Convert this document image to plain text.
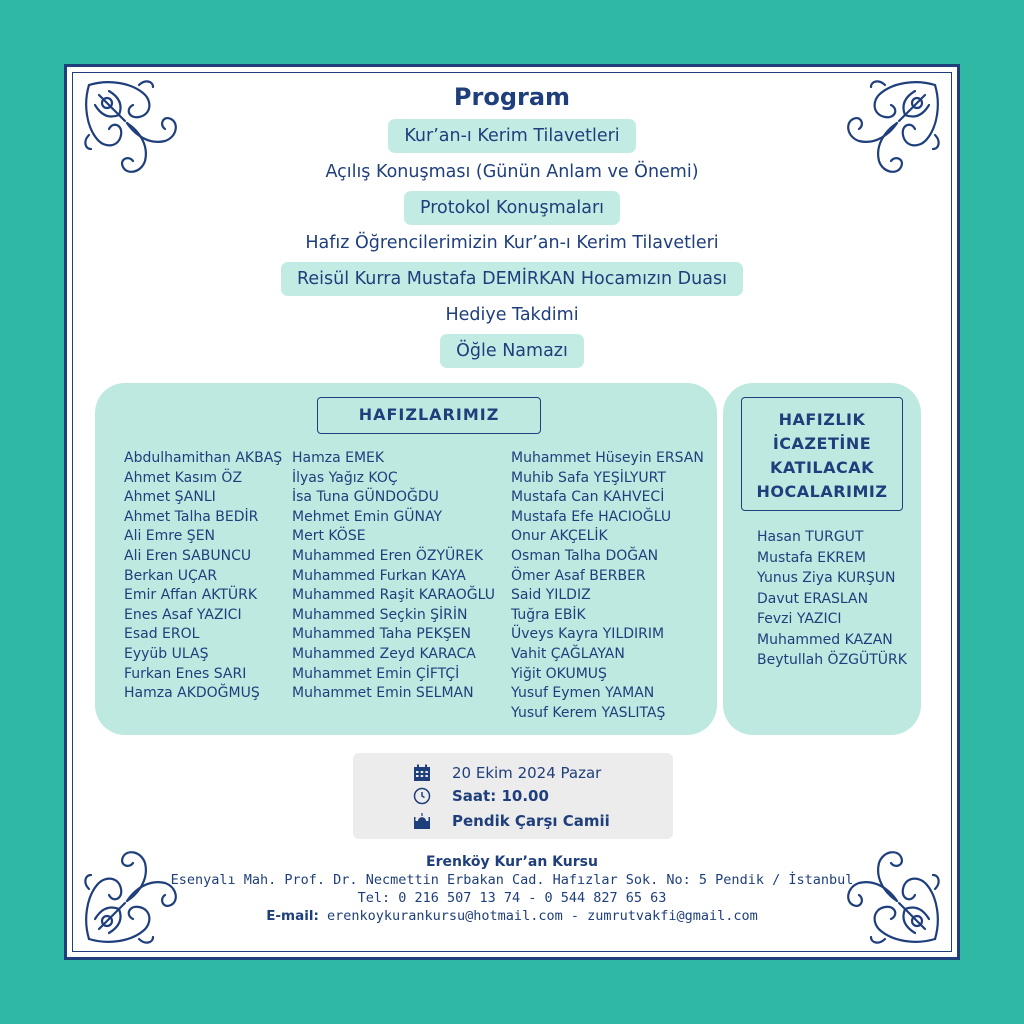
Program
Kur’an-ı Kerim Tilavetleri
Açılış Konuşması (Günün Anlam ve Önemi)
Protokol Konuşmaları
Hafız Öğrencilerimizin Kur’an-ı Kerim Tilavetleri
Reisül Kurra Mustafa DEMİRKAN Hocamızın Duası
Hediye Takdimi
Öğle Namazı
HAFIZLARIMIZ
Abdulhamithan AKBAŞ
Ahmet Kasım ÖZ
Ahmet ŞANLI
Ahmet Talha BEDİR
Ali Emre ŞEN
Ali Eren SABUNCU
Berkan UÇAR
Emir Affan AKTÜRK
Enes Asaf YAZICI
Esad EROL
Eyyüb ULAŞ
Furkan Enes SARI
Hamza AKDOĞMUŞ
Hamza EMEK
İlyas Yağız KOÇ
İsa Tuna GÜNDOĞDU
Mehmet Emin GÜNAY
Mert KÖSE
Muhammed Eren ÖZYÜREK
Muhammed Furkan KAYA
Muhammed Raşit KARAOĞLU
Muhammed Seçkin ŞİRİN
Muhammed Taha PEKŞEN
Muhammed Zeyd KARACA
Muhammet Emin ÇİFTÇİ
Muhammet Emin SELMAN
Muhammet Hüseyin ERSAN
Muhib Safa YEŞİLYURT
Mustafa Can KAHVECİ
Mustafa Efe HACIOĞLU
Onur AKÇELİK
Osman Talha DOĞAN
Ömer Asaf BERBER
Said YILDIZ
Tuğra EBİK
Üveys Kayra YILDIRIM
Vahit ÇAĞLAYAN
Yiğit OKUMUŞ
Yusuf Eymen YAMAN
Yusuf Kerem YASLITAŞ
HAFIZLIK
İCAZETİNE
KATILACAK
HOCALARIMIZ
Hasan TURGUT
Mustafa EKREM
Yunus Ziya KURŞUN
Davut ERASLAN
Fevzi YAZICI
Muhammed KAZAN
Beytullah ÖZGÜTÜRK
20 Ekim 2024 Pazar
Saat: 10.00
Pendik Çarşı Camii
Erenköy Kur’an Kursu
Esenyalı Mah. Prof. Dr. Necmettin Erbakan Cad. Hafızlar Sok. No: 5 Pendik / İstanbul
Tel: 0 216 507 13 74 - 0 544 827 65 63
E-mail: erenkoykurankursu@hotmail.com - zumrutvakfi@gmail.com
